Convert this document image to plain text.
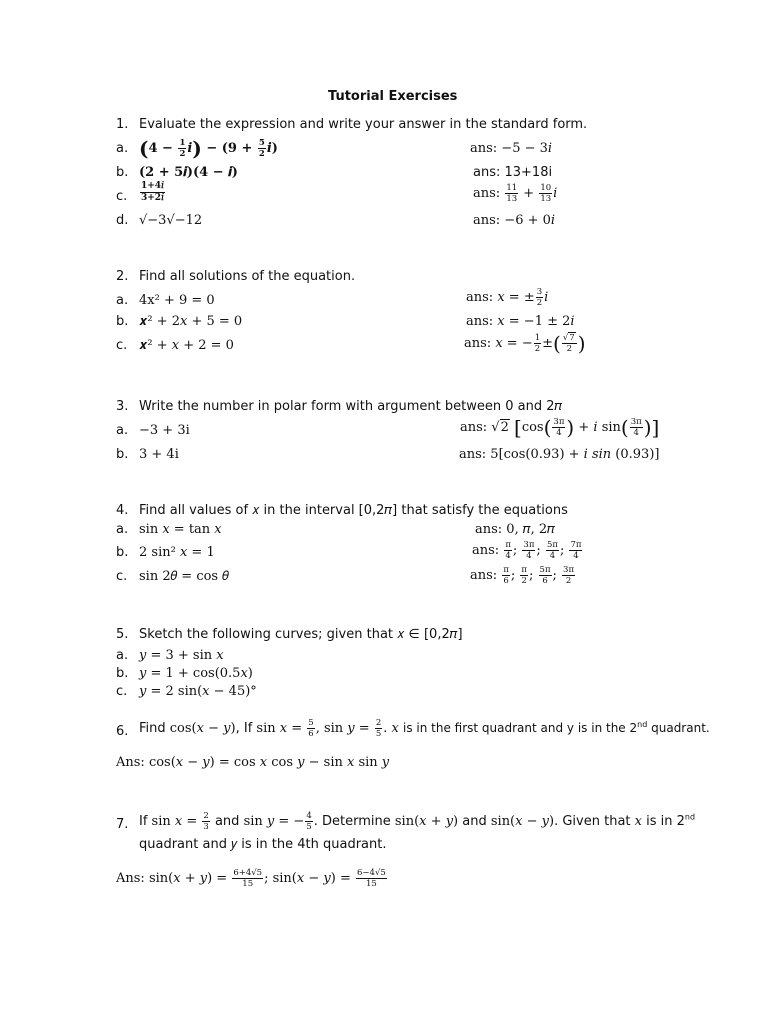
Tutorial Exercises
1. Evaluate the expression and write your answer in the standard form.
a. $(4 - \frac{1}{2} i) - (9 + \frac{5}{2} i)$	ans: −5 − 3𝑖
b. (2 + 5𝒊)(4 − 𝒊)	ans: 13+18i
c. $\frac{\text{1+4𝑖}}{\text{3+2𝑖}}$	ans: $\frac{11}{13} + \frac{10}{13}$ 𝑖
d. √−3√−12	ans: −6 + 0𝑖
2. Find all solutions of the equation.
a. 4x² + 9 = 0	ans: x = ± $\frac{3}{2}$ i
b. 𝒙² + 2𝑥 + 5 = 0	ans: 𝑥 = −1 ± 2𝑖
c. 𝒙² + 𝑥 + 2 = 0	ans: x = − $\frac{1}{2}$ ±( $\frac{√7}{2}$ )
3. Write the number in polar form with argument between 0 and 2𝜋
a. −3 + 3i	ans: √2 [$\cos( \frac{3\pi}{4}$ ) + i $\sin( \frac{3\pi}{4}$ )]
b. 3 + 4i	ans: 5[cos(0.93) + 𝑖 𝑠𝑖𝑛 (0.93)]
4. Find all values of 𝑥 in the interval [0,2𝜋] that satisfy the equations
a. sin 𝑥 = tan 𝑥	ans: 0, 𝜋, 2𝜋
b. 2 sin² 𝑥 = 1	ans: $\frac{\pi}{4}$ ; $\frac{3\pi}{4}$ ; $\frac{5\pi}{4}$ ; $\frac{7\pi}{4}$
c. sin 2𝜃 = cos 𝜃	ans: $\frac{\pi}{6}$ ; $\frac{\pi}{2}$ ; $\frac{5\pi}{6}$ ; $\frac{3\pi}{2}$
5. Sketch the following curves; given that 𝑥 ∈ [0,2𝜋]
a. 𝑦 = 3 + sin 𝑥
b. 𝑦 = 1 + cos(0.5𝑥)
c. 𝑦 = 2 sin(𝑥 − 45)°
6. Find cos(x − y), If $\sin x = \frac{5}{6}$ , $\sin y = \frac{2}{5}$ . x is in the first quadrant and y is in the 2nd quadrant.
Ans: cos(𝑥 − 𝑦) = cos 𝑥 cos 𝑦 − sin 𝑥 sin 𝑦
7. If $\sin x = \frac{2}{3}$ and sin y = − $\frac{4}{5}$ . Determine sin(x + y) and sin(x − y). Given that x is in 2nd
quadrant and 𝑦 is in the 4th quadrant.
Ans: $\sin(x + y) = \frac{6+4√5}{15}$ ; $\sin(x - y) = \frac{6-4√5}{15}$
